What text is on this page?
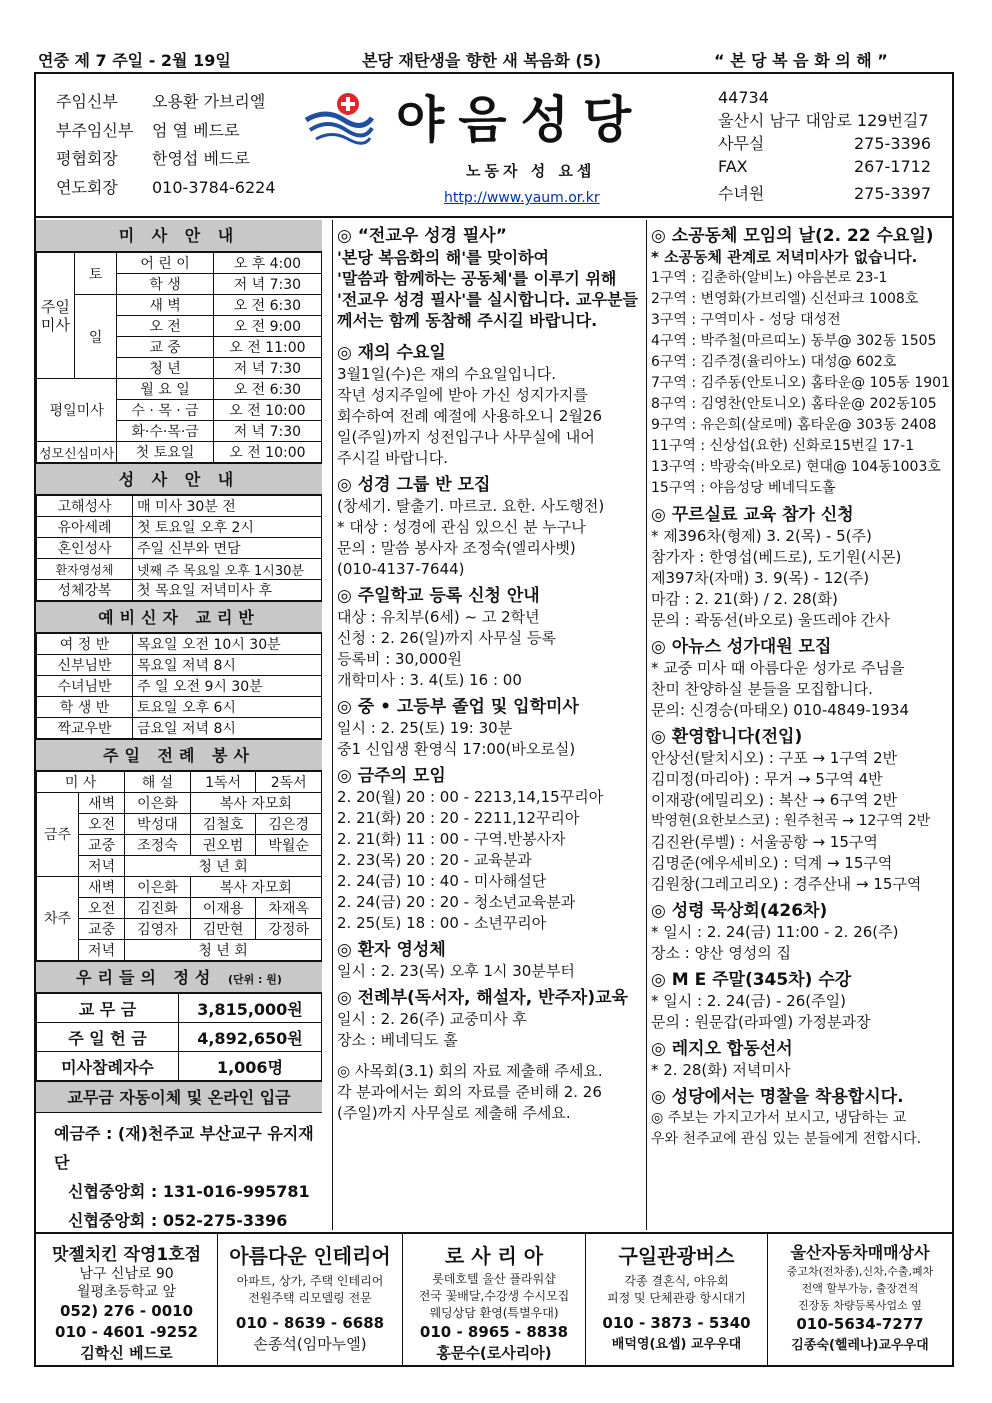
연중 제 7 주일 - 2월 19일	본당 재탄생을 향한 새 복음화 (5)	“ 본 당 복 음 화 의 해 ”
주임신부 오용환 가브리엘
부주임신부 엄 열 베드로
평협회장 한영섭 베드로
연도회장 010-3784-6224
야음성당
노동자 성 요셉
http://www.yaum.or.kr
44734
울산시 남구 대암로 129번길7
사무실	275-3396
FAX	267-1712
수녀원	275-3397
미 사 안 내
주일미사	토	어 린 이	오 후 4:00
		학 생	저 녁 7:30
	일	새 벽	오 전 6:30
		오 전	오 전 9:00
		교 중	오 전 11:00
		청 년	저 녁 7:30
평일미사		월 요 일	오 전 6:30
		수 · 목 · 금	오 전 10:00
		화·수·목·금	저 녁 7:30
성모신심미사		첫 토요일	오 전 10:00
성 사 안 내
고해성사	매 미사 30분 전
유아세례	첫 토요일 오후 2시
혼인성사	주일 신부와 면담
환자영성체	넷째 주 목요일 오후 1시30분
성체강복	첫 목요일 저녁미사 후
예비신자 교리반
여 정 반	목요일 오전 10시 30분
신부님반	목요일 저녁 8시
수녀님반	주 일 오전 9시 30분
학 생 반	토요일 오후 6시
짝교우반	금요일 저녁 8시
주일 전례 봉사
미 사		해 설	1독서	2독서
금주	새벽	이은화	복사 자모회	
	오전	박성대	김철호	김은경
	교중	조정숙	권오범	박월순
	저녁	청 년 회		
차주	새벽	이은화	복사 자모회	
	오전	김진화	이재용	차재옥
	교중	김영자	김만현	강정하
	저녁	청 년 회		
우리들의 정성 (단위 : 원)
교 무 금	3,815,000원
주 일 헌 금	4,892,650원
미사참례자수	1,006명
교무금 자동이체 및 온라인 입금
예금주 : (재)천주교 부산교구 유지재단
신협중앙회 : 131-016-995781
신협중앙회 : 052-275-3396
◎ “전교우 성경 필사”

'본당 복음화의 해'를 맞이하여

'말씀과 함께하는 공동체'를 이루기 위해

'전교우 성경 필사'를 실시합니다. 교우분들

께서는 함께 동참해 주시길 바랍니다.

◎ 재의 수요일

3월1일(수)은 재의 수요일입니다.

작년 성지주일에 받아 가신 성지가지를

회수하여 전례 예절에 사용하오니 2월26

일(주일)까지 성전입구나 사무실에 내어

주시길 바랍니다.

◎ 성경 그룹 반 모집

(창세기. 탈출기. 마르코. 요한. 사도행전)

* 대상 : 성경에 관심 있으신 분 누구나

문의 : 말씀 봉사자 조정숙(엘리사벳)

(010-4137-7644)

◎ 주일학교 등록 신청 안내

대상 : 유치부(6세) ~ 고 2학년

신청 : 2. 26(일)까지 사무실 등록

등록비 : 30,000원

개학미사 : 3. 4(토) 16 : 00

◎ 중 • 고등부 졸업 및 입학미사

일시 : 2. 25(토) 19: 30분

중1 신입생 환영식 17:00(바오로실)

◎ 금주의 모임

2. 20(월) 20 : 00 - 2213,14,15꾸리아

2. 21(화) 20 : 20 - 2211,12꾸리아

2. 21(화) 11 : 00 - 구역.반봉사자

2. 23(목) 20 : 20 - 교육분과

2. 24(금) 10 : 40 - 미사해설단

2. 24(금) 20 : 20 - 청소년교육분과

2. 25(토) 18 : 00 - 소년꾸리아

◎ 환자 영성체

일시 : 2. 23(목) 오후 1시 30분부터

◎ 전례부(독서자, 해설자, 반주자)교육

일시 : 2. 26(주) 교중미사 후

장소 : 베네딕도 홀

◎ 사목회(3.1) 회의 자료 제출해 주세요.

각 분과에서는 회의 자료를 준비해 2. 26

(주일)까지 사무실로 제출해 주세요.

◎ 소공동체 모임의 날(2. 22 수요일)

* 소공동체 관계로 저녁미사가 없습니다.

1구역 : 김춘하(알비노) 야음본로 23-1

2구역 : 변영화(가브리엘) 신선파크 1008호

3구역 : 구역미사 - 성당 대성전

4구역 : 박주철(마르띠노) 동부@ 302동 1505

6구역 : 김주경(율리아노) 대성@ 602호

7구역 : 김주동(안토니오) 홈타운@ 105동 1901

8구역 : 김영찬(안토니오) 홈타운@ 202동105

9구역 : 유은희(살로메) 홈타운@ 303동 2408

11구역 : 신상섭(요한) 신화로15번길 17-1

13구역 : 박광숙(바오로) 현대@ 104동1003호

15구역 : 야음성당 베네딕도홀

◎ 꾸르실료 교육 참가 신청

* 제396차(형제) 3. 2(목) - 5(주)

참가자 : 한영섭(베드로), 도기원(시몬)

제397차(자매) 3. 9(목) - 12(주)

마감 : 2. 21(화) / 2. 28(화)

문의 : 곽동선(바오로) 울뜨레야 간사

◎ 아뉴스 성가대원 모집

* 교중 미사 때 아름다운 성가로 주님을

찬미 찬양하실 분들을 모집합니다.

문의: 신경승(마태오) 010-4849-1934

◎ 환영합니다(전입)

안상선(탈치시오) : 구포 → 1구역 2반

김미정(마리아) : 무거 → 5구역 4반

이재광(에밀리오) : 복산 → 6구역 2반

박영현(요한보스코) : 원주천곡 → 12구역 2반

김진완(루벨) : 서울공항 → 15구역

김명준(에우세비오) : 덕계 → 15구역

김원창(그레고리오) : 경주산내 → 15구역

◎ 성령 묵상회(426차)

* 일시 : 2. 24(금) 11:00 - 2. 26(주)

장소 : 양산 영성의 집

◎ M E 주말(345차) 수강

* 일시 : 2. 24(금) - 26(주일)

문의 : 원문갑(라파엘) 가정분과장

◎ 레지오 합동선서

* 2. 28(화) 저녁미사

◎ 성당에서는 명찰을 착용합시다.

◎ 주보는 가지고가서 보시고, 냉담하는 교

우와 천주교에 관심 있는 분들에게 전합시다.

맛젤치킨 작영1호점
남구 신남로 90
월평초등학교 앞
052) 276 - 0010
010 - 4601 -9252
김학신 베드로
아름다운 인테리어
아파트, 상가, 주택 인테리어
전원주택 리모델링 전문
010 - 8639 - 6688
손종석(임마누엘)
로 사 리 아
롯데호텔 울산 플라워샵
전국 꽃배달,수강생 수시모집
웨딩상담 환영(특별우대)
010 - 8965 - 8838
홍문수(로사리아)
구일관광버스
각종 결혼식, 야유회
피정 및 단체관광 항시대기
010 - 3873 - 5340
배덕영(요셉) 교우우대
울산자동차매매상사
중고차(전차종),신차,수출,폐차
전액 할부가능, 출장견적
진장동 차량등록사업소 옆
010-5634-7277
김종숙(헬레나)교우우대
